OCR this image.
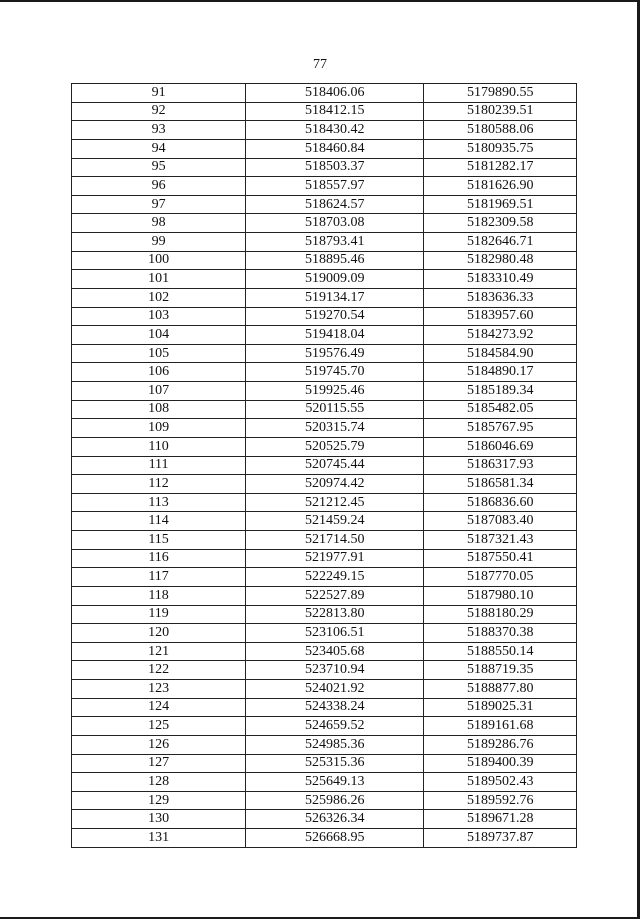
77
91	518406.06	5179890.55
92	518412.15	5180239.51
93	518430.42	5180588.06
94	518460.84	5180935.75
95	518503.37	5181282.17
96	518557.97	5181626.90
97	518624.57	5181969.51
98	518703.08	5182309.58
99	518793.41	5182646.71
100	518895.46	5182980.48
101	519009.09	5183310.49
102	519134.17	5183636.33
103	519270.54	5183957.60
104	519418.04	5184273.92
105	519576.49	5184584.90
106	519745.70	5184890.17
107	519925.46	5185189.34
108	520115.55	5185482.05
109	520315.74	5185767.95
110	520525.79	5186046.69
111	520745.44	5186317.93
112	520974.42	5186581.34
113	521212.45	5186836.60
114	521459.24	5187083.40
115	521714.50	5187321.43
116	521977.91	5187550.41
117	522249.15	5187770.05
118	522527.89	5187980.10
119	522813.80	5188180.29
120	523106.51	5188370.38
121	523405.68	5188550.14
122	523710.94	5188719.35
123	524021.92	5188877.80
124	524338.24	5189025.31
125	524659.52	5189161.68
126	524985.36	5189286.76
127	525315.36	5189400.39
128	525649.13	5189502.43
129	525986.26	5189592.76
130	526326.34	5189671.28
131	526668.95	5189737.87
